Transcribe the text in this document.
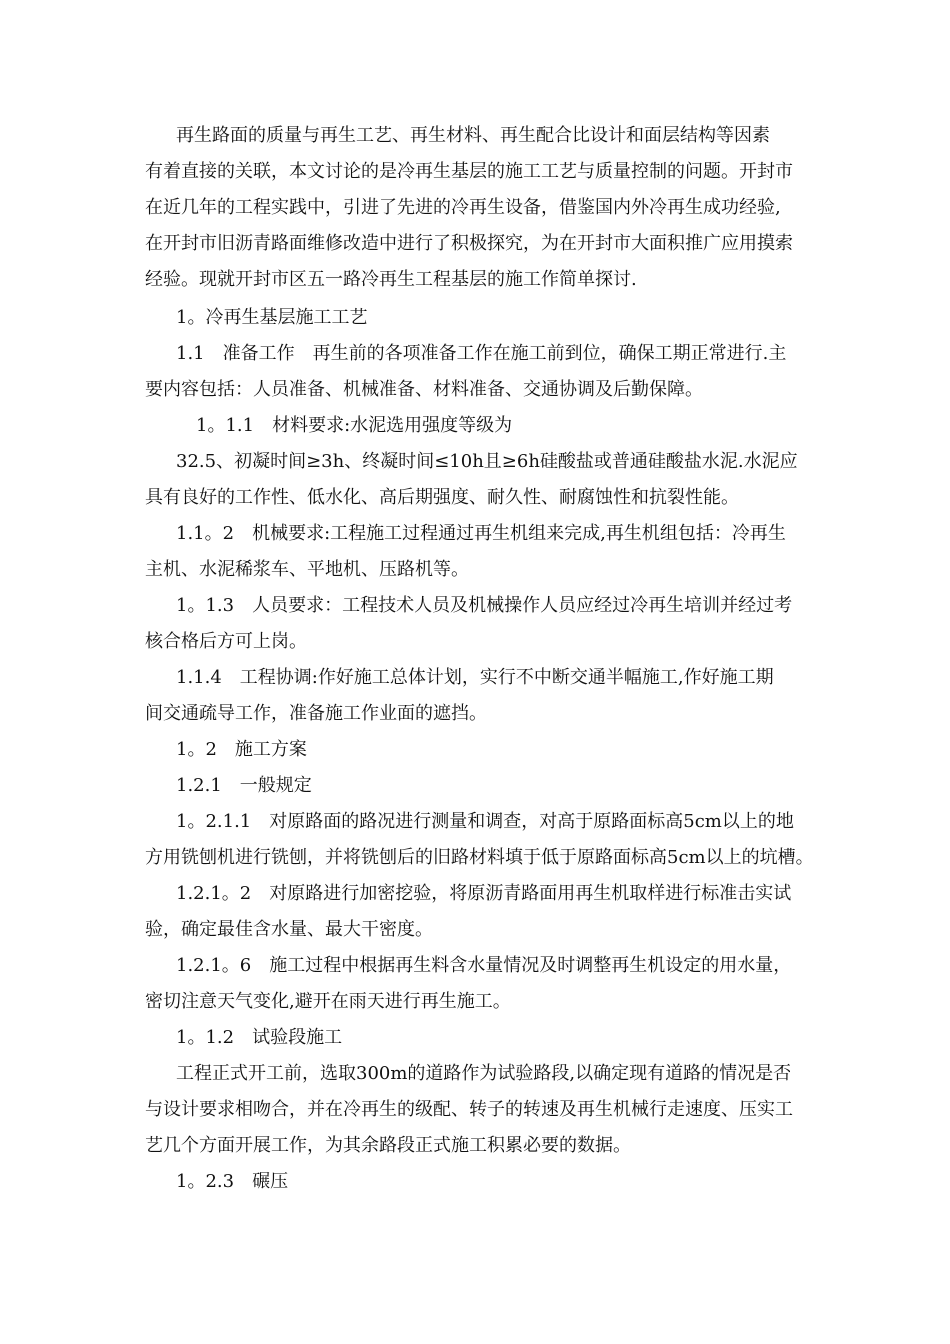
再生路面的质量与再生工艺、再生材料、再生配合比设计和面层结构等因素
有着直接的关联，本文讨论的是冷再生基层的施工工艺与质量控制的问题。开封市
在近几年的工程实践中，引进了先进的冷再生设备，借鉴国内外冷再生成功经验,
在开封市旧沥青路面维修改造中进行了积极探究，为在开封市大面积推广应用摸索
经验。现就开封市区五一路冷再生工程基层的施工作简单探讨.
1。冷再生基层施工工艺
1.1　准备工作　再生前的各项准备工作在施工前到位，确保工期正常进行.主
要内容包括：人员准备、机械准备、材料准备、交通协调及后勤保障。
1。1.1　材料要求:水泥选用强度等级为
32.5、初凝时间≥3h、终凝时间≤10h且≥6h硅酸盐或普通硅酸盐水泥.水泥应
具有良好的工作性、低水化、高后期强度、耐久性、耐腐蚀性和抗裂性能。
1.1。2　机械要求:工程施工过程通过再生机组来完成,再生机组包括：冷再生
主机、水泥稀浆车、平地机、压路机等。
1。1.3　人员要求：工程技术人员及机械操作人员应经过冷再生培训并经过考
核合格后方可上岗。
1.1.4　工程协调:作好施工总体计划，实行不中断交通半幅施工,作好施工期
间交通疏导工作，准备施工作业面的遮挡。
1。2　施工方案
1.2.1　一般规定
1。2.1.1　对原路面的路况进行测量和调查，对高于原路面标高5cm以上的地
方用铣刨机进行铣刨，并将铣刨后的旧路材料填于低于原路面标高5cm以上的坑槽。
1.2.1。2　对原路进行加密挖验，将原沥青路面用再生机取样进行标准击实试
验，确定最佳含水量、最大干密度。
1.2.1。6　施工过程中根据再生料含水量情况及时调整再生机设定的用水量，
密切注意天气变化,避开在雨天进行再生施工。
1。1.2　试验段施工
工程正式开工前，选取300m的道路作为试验路段,以确定现有道路的情况是否
与设计要求相吻合，并在冷再生的级配、转子的转速及再生机械行走速度、压实工
艺几个方面开展工作，为其余路段正式施工积累必要的数据。
1。2.3　碾压
